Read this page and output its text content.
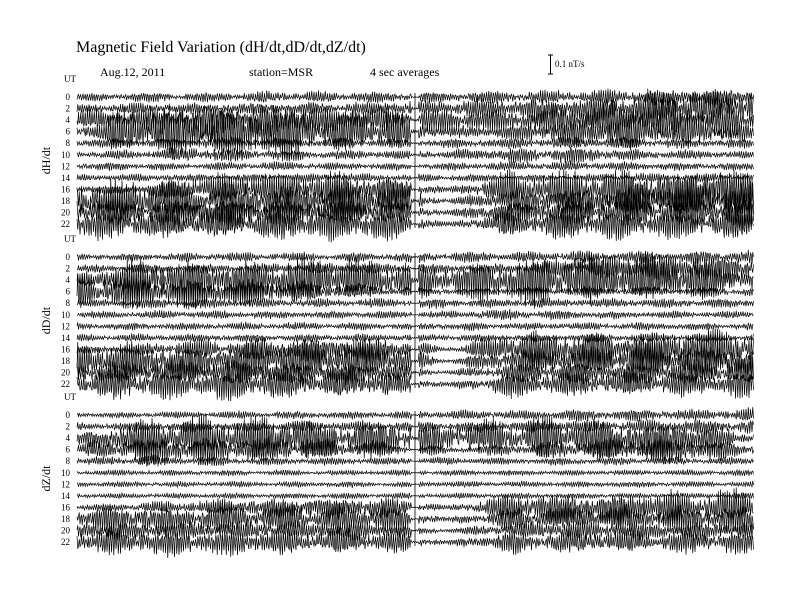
Magnetic Field Variation (dH/dt,dD/dt,dZ/dt)
Aug.12, 2011	station=MSR	4 sec averages
0.1 nT/s
UT
dH/dt
0
2
4
6
8
10
12
14
16
18
20
22
UT
dD/dt
0
2
4
6
8
10
12
14
16
18
20
22
UT
dZ/dt
0
2
4
6
8
10
12
14
16
18
20
22
